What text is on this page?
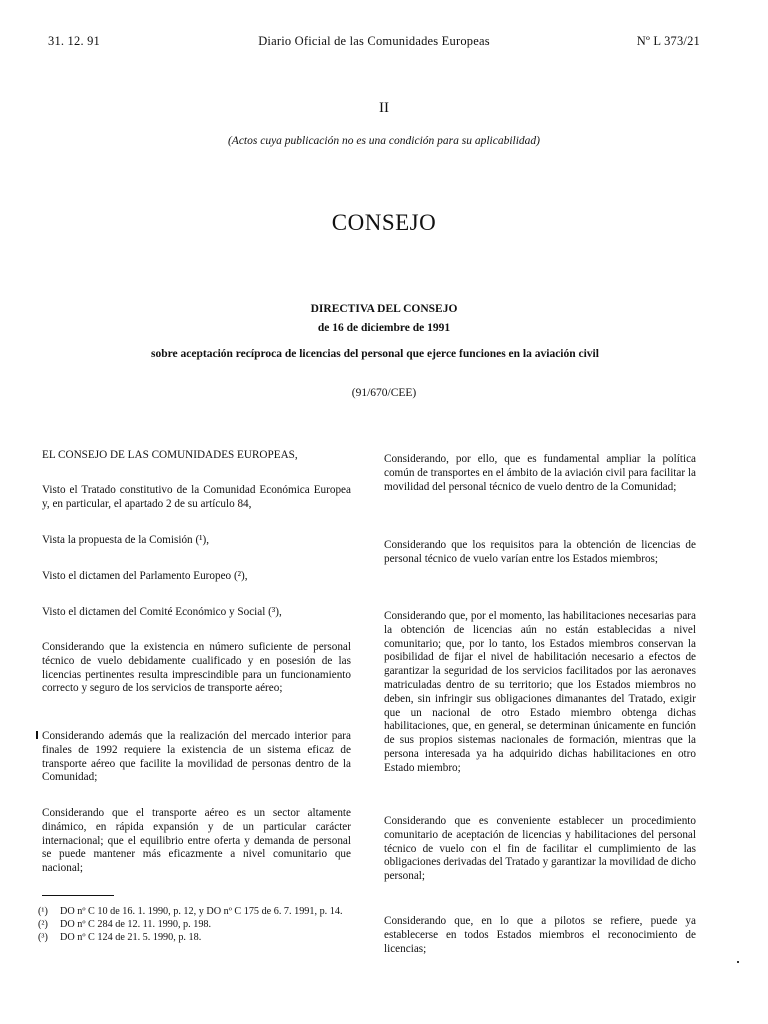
31. 12. 91	Diario Oficial de las Comunidades Europeas	Nº L 373/21
II
(Actos cuya publicación no es una condición para su aplicabilidad)
CONSEJO
DIRECTIVA DEL CONSEJO
de 16 de diciembre de 1991
sobre aceptación recíproca de licencias del personal que ejerce funciones en la aviación civil
(91/670/CEE)

EL CONSEJO DE LAS COMUNIDADES EUROPEAS,

Visto el Tratado constitutivo de la Comunidad Económica Europea y, en particular, el apartado 2 de su artículo 84,

Vista la propuesta de la Comisión (¹),

Visto el dictamen del Parlamento Europeo (²),

Visto el dictamen del Comité Económico y Social (³),

Considerando que la existencia en número suficiente de personal técnico de vuelo debidamente cualificado y en posesión de las licencias pertinentes resulta imprescindible para un funcionamiento correcto y seguro de los servicios de transporte aéreo;

Considerando además que la realización del mercado interior para finales de 1992 requiere la existencia de un sistema eficaz de transporte aéreo que facilite la movilidad de personas dentro de la Comunidad;

Considerando que el transporte aéreo es un sector altamente dinámico, en rápida expansión y de un particular carácter internacional; que el equilibrio entre oferta y demanda de personal se puede mantener más eficazmente a nivel comunitario que nacional;

Considerando, por ello, que es fundamental ampliar la política común de transportes en el ámbito de la aviación civil para facilitar la movilidad del personal técnico de vuelo dentro de la Comunidad;

Considerando que los requisitos para la obtención de licencias de personal técnico de vuelo varían entre los Estados miembros;

Considerando que, por el momento, las habilitaciones necesarias para la obtención de licencias aún no están establecidas a nivel comunitario; que, por lo tanto, los Estados miembros conservan la posibilidad de fijar el nivel de habilitación necesario a efectos de garantizar la seguridad de los servicios facilitados por las aeronaves matriculadas dentro de su territorio; que los Estados miembros no deben, sin infringir sus obligaciones dimanantes del Tratado, exigir que un nacional de otro Estado miembro obtenga dichas habilitaciones, que, en general, se determinan únicamente en función de sus propios sistemas nacionales de formación, mientras que la persona interesada ya ha adquirido dichas habilitaciones en otro Estado miembro;

Considerando que es conveniente establecer un procedimiento comunitario de aceptación de licencias y habilitaciones del personal técnico de vuelo con el fin de facilitar el cumplimiento de las obligaciones derivadas del Tratado y garantizar la movilidad de dicho personal;

Considerando que, en lo que a pilotos se refiere, puede ya establecerse en todos Estados miembros el reconocimiento de licencias;

(¹) DO nº C 10 de 16. 1. 1990, p. 12, y DO nº C 175 de 6. 7. 1991, p. 14.
(²) DO nº C 284 de 12. 11. 1990, p. 198.
(³) DO nº C 124 de 21. 5. 1990, p. 18.
